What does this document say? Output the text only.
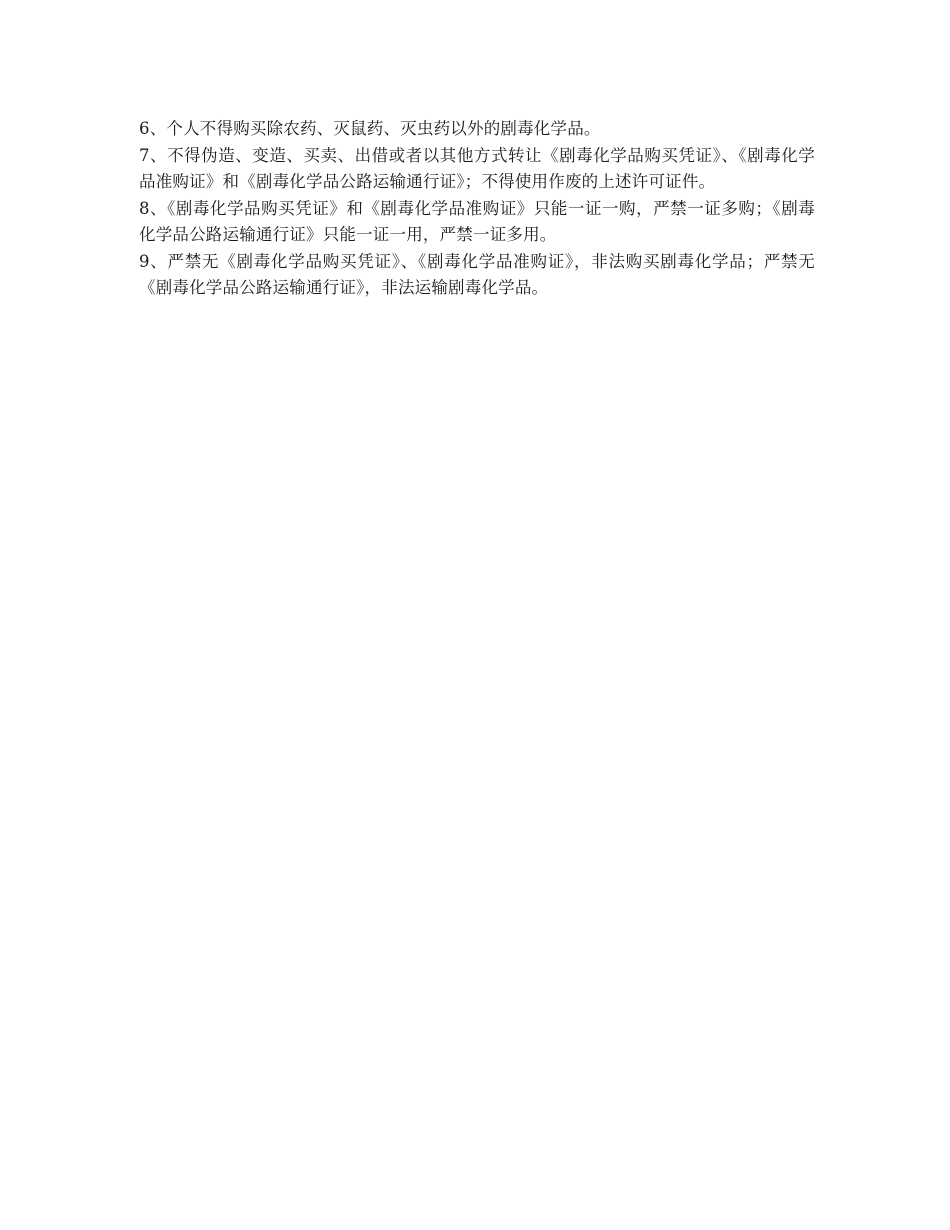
6、个人不得购买除农药、灭鼠药、灭虫药以外的剧毒化学品。

7、不得伪造、变造、买卖、出借或者以其他方式转让《剧毒化学品购买凭证》、《剧毒化学品准购证》和《剧毒化学品公路运输通行证》；不得使用作废的上述许可证件。

8、《剧毒化学品购买凭证》和《剧毒化学品准购证》只能一证一购，严禁一证多购；《剧毒化学品公路运输通行证》只能一证一用，严禁一证多用。

9、严禁无《剧毒化学品购买凭证》、《剧毒化学品准购证》，非法购买剧毒化学品；严禁无《剧毒化学品公路运输通行证》，非法运输剧毒化学品。
